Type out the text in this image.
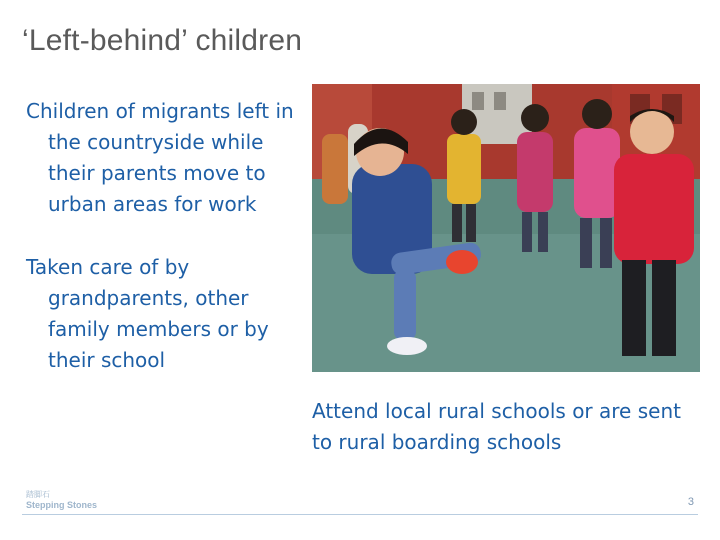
‘Left-behind’ children
Children of migrants left in the countryside while their parents move to urban areas for work
Taken care of by grandparents, other family members or by their school
Attend local rural schools or are sent to rural boarding schools
踏脚石
Stepping Stones	3
